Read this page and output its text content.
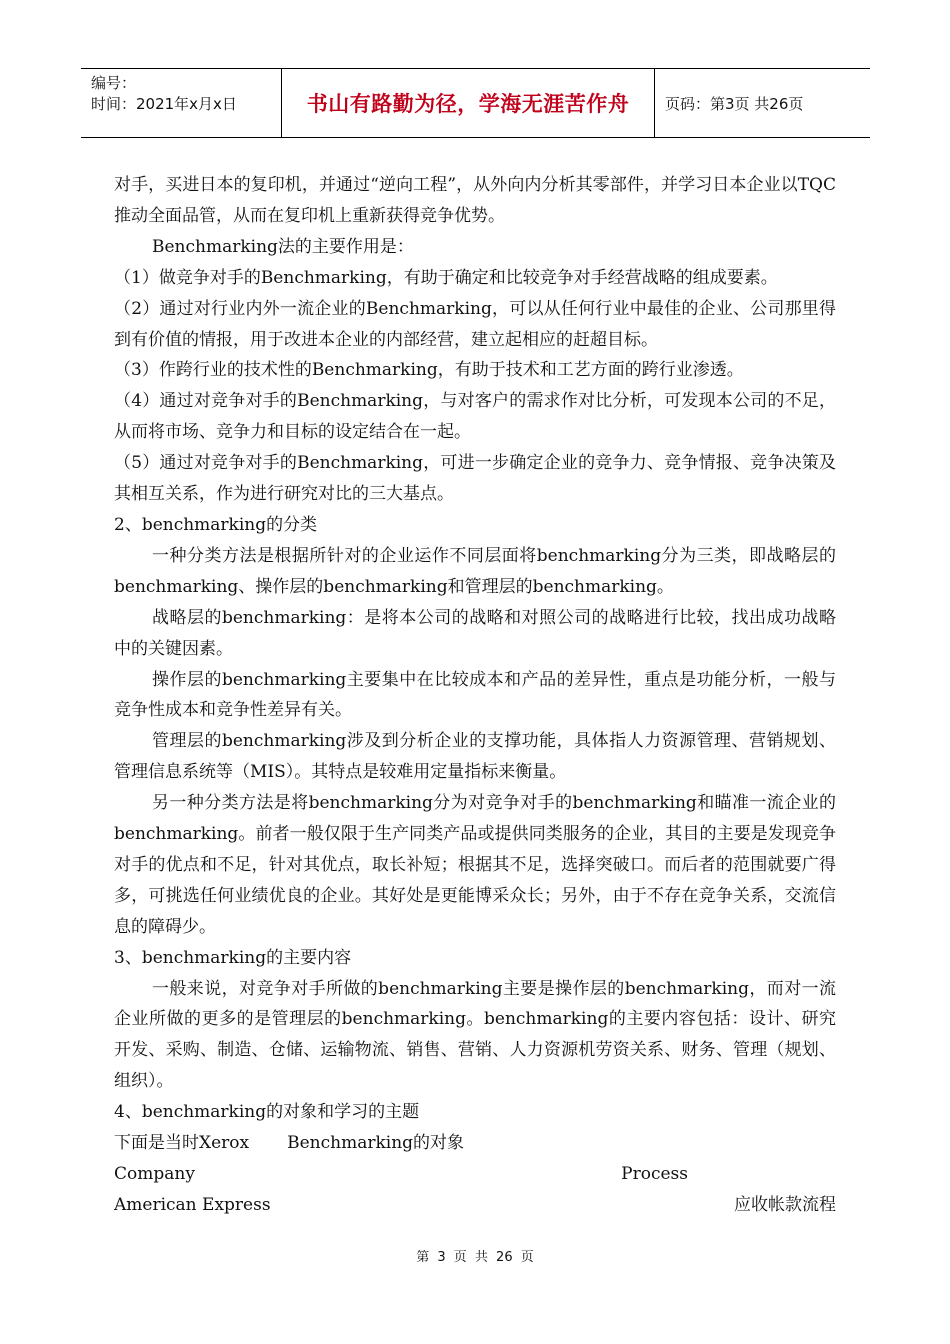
编号：
时间：2021年x月x日	书山有路勤为径，学海无涯苦作舟	页码：第3页 共26页

对手，买进日本的复印机，并通过“逆向工程”，从外向内分析其零部件，并学习日本企业以TQC推动全面品管，从而在复印机上重新获得竞争优势。

Benchmarking法的主要作用是：

（1）做竞争对手的Benchmarking，有助于确定和比较竞争对手经营战略的组成要素。

（2）通过对行业内外一流企业的Benchmarking，可以从任何行业中最佳的企业、公司那里得到有价值的情报，用于改进本企业的内部经营，建立起相应的赶超目标。

（3）作跨行业的技术性的Benchmarking，有助于技术和工艺方面的跨行业渗透。

（4）通过对竞争对手的Benchmarking，与对客户的需求作对比分析，可发现本公司的不足，从而将市场、竞争力和目标的设定结合在一起。

（5）通过对竞争对手的Benchmarking，可进一步确定企业的竞争力、竞争情报、竞争决策及其相互关系，作为进行研究对比的三大基点。

2、benchmarking的分类

一种分类方法是根据所针对的企业运作不同层面将benchmarking分为三类，即战略层的benchmarking、操作层的benchmarking和管理层的benchmarking。

战略层的benchmarking：是将本公司的战略和对照公司的战略进行比较，找出成功战略中的关键因素。

操作层的benchmarking主要集中在比较成本和产品的差异性，重点是功能分析，一般与竞争性成本和竞争性差异有关。

管理层的benchmarking涉及到分析企业的支撑功能，具体指人力资源管理、营销规划、管理信息系统等（MIS）。其特点是较难用定量指标来衡量。

另一种分类方法是将benchmarking分为对竞争对手的benchmarking和瞄准一流企业的benchmarking。前者一般仅限于生产同类产品或提供同类服务的企业，其目的主要是发现竞争对手的优点和不足，针对其优点，取长补短；根据其不足，选择突破口。而后者的范围就要广得多，可挑选任何业绩优良的企业。其好处是更能博采众长；另外，由于不存在竞争关系，交流信息的障碍少。

3、benchmarking的主要内容

一般来说，对竞争对手所做的benchmarking主要是操作层的benchmarking，而对一流企业所做的更多的是管理层的benchmarking。benchmarking的主要内容包括：设计、研究开发、采购、制造、仓储、运输物流、销售、营销、人力资源机劳资关系、财务、管理（规划、组织）。

4、benchmarking的对象和学习的主题

下面是当时Xerox Benchmarking的对象
Company	Process
American Express	应收帐款流程
第 3 页 共 26 页
